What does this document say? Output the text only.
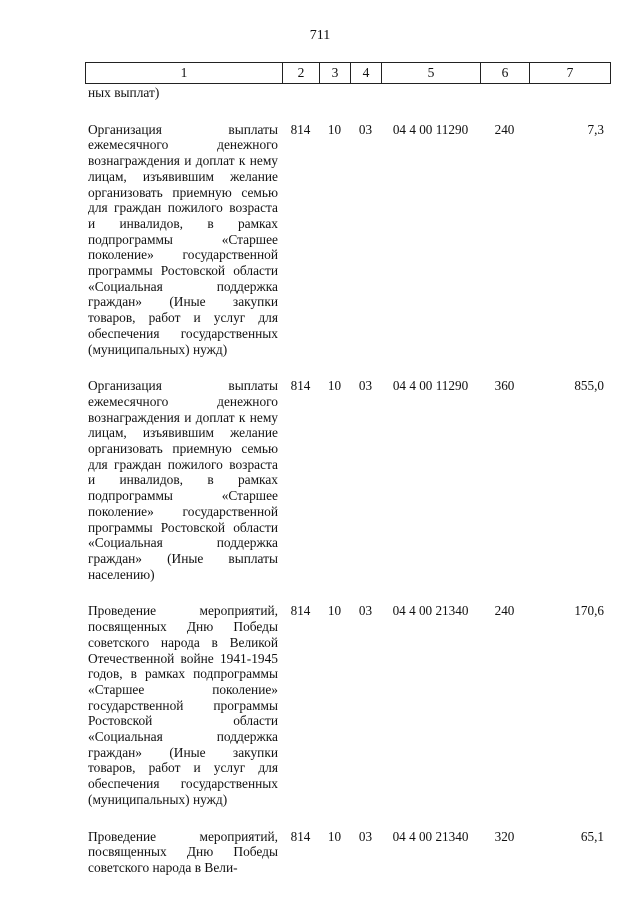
711
1	2	3	4	5	6	7
ных выплат)						
Организация выплаты ежемесячного денежного вознаграждения и доплат к нему лицам, изъявившим желание организовать приемную семью для граждан пожилого возраста и инвалидов, в рамках подпрограммы «Старшее поколение» государственной программы Ростовской области «Социальная поддержка граждан» (Иные закупки товаров, работ и услуг для обеспечения государственных (муниципальных) нужд)	814	10	03	04 4 00 11290	240	7,3
Организация выплаты ежемесячного денежного вознаграждения и доплат к нему лицам, изъявившим желание организовать приемную семью для граждан пожилого возраста и инвалидов, в рамках подпрограммы «Старшее поколение» государственной программы Ростовской области «Социальная поддержка граждан» (Иные выплаты населению)	814	10	03	04 4 00 11290	360	855,0
Проведение мероприятий, посвященных Дню Победы советского народа в Великой Отечественной войне 1941-1945 годов, в рамках подпрограммы «Старшее поколение» государственной программы Ростовской области «Социальная поддержка граждан» (Иные закупки товаров, работ и услуг для обеспечения государственных (муниципальных) нужд)	814	10	03	04 4 00 21340	240	170,6
Проведение мероприятий, посвященных Дню Победы советского народа в Вели-	814	10	03	04 4 00 21340	320	65,1
